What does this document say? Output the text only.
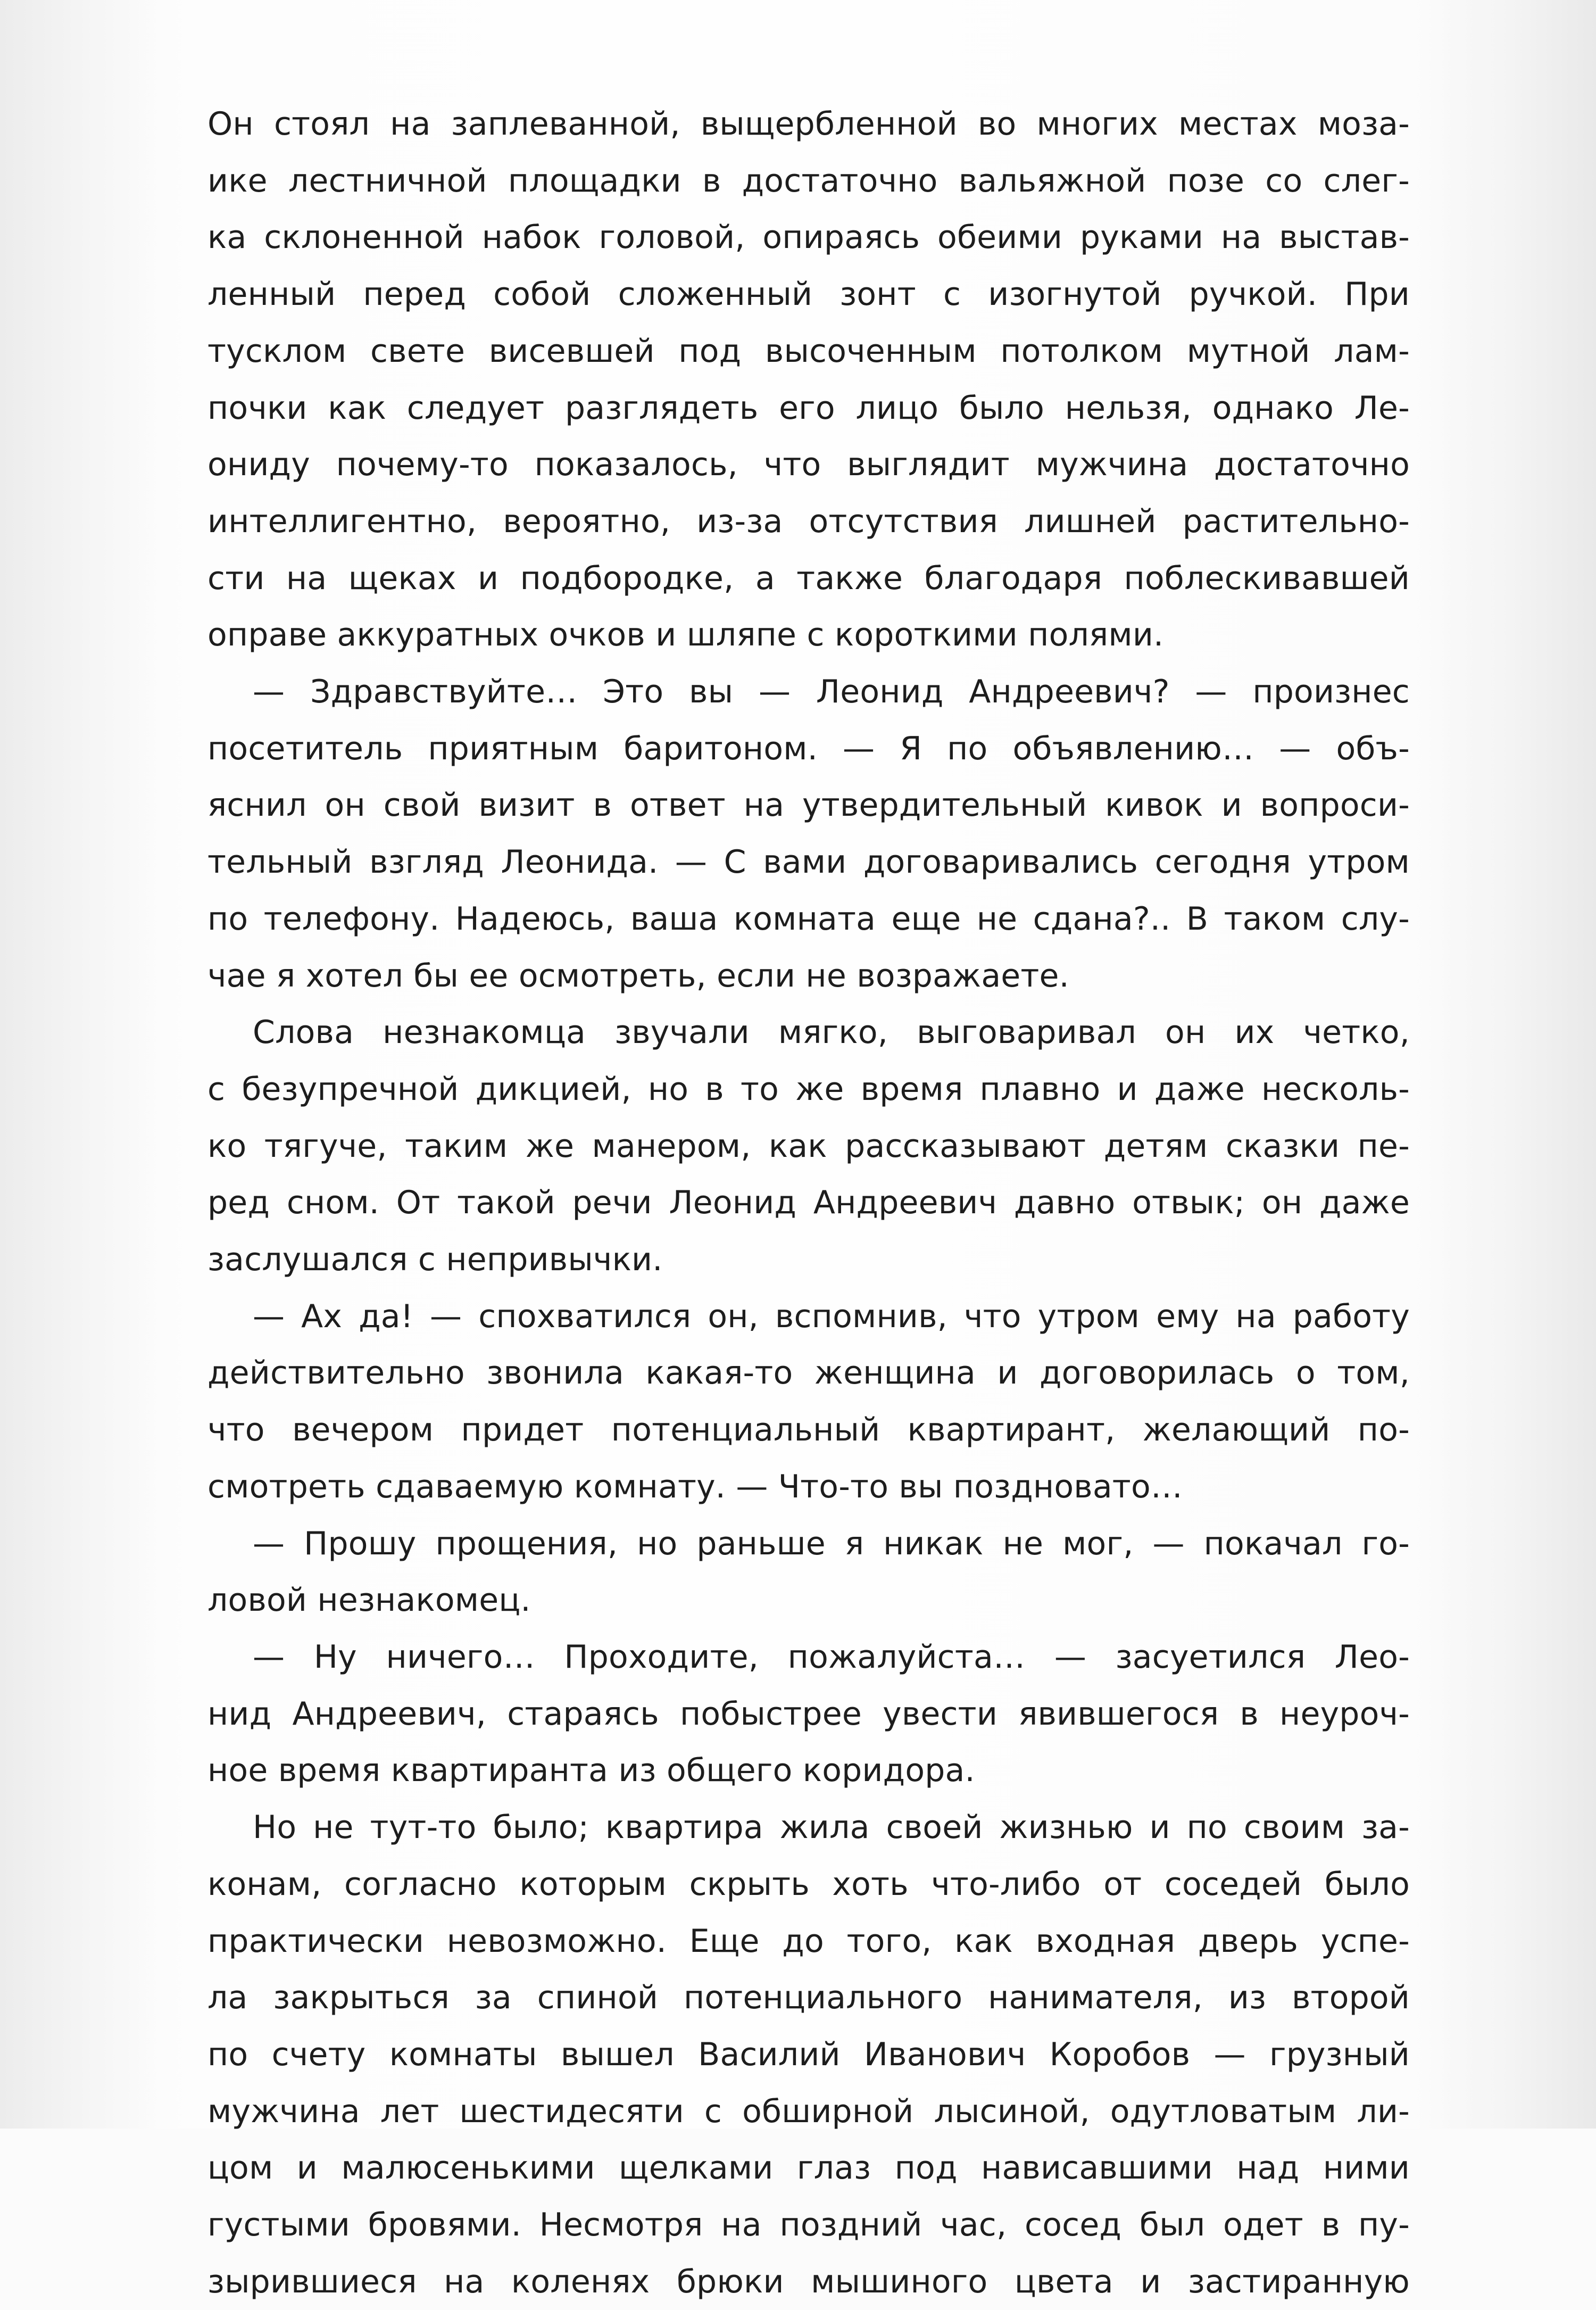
Он стоял на заплеванной, выщербленной во многих местах моза-
ике лестничной площадки в достаточно вальяжной позе со слег-
ка склоненной набок головой, опираясь обеими руками на выстав-
ленный перед собой сложенный зонт с изогнутой ручкой. При
тусклом свете висевшей под высоченным потолком мутной лам-
почки как следует разглядеть его лицо было нельзя, однако Ле-
ониду почему-то показалось, что выглядит мужчина достаточно
интеллигентно, вероятно, из-за отсутствия лишней растительно-
сти на щеках и подбородке, а также благодаря поблескивавшей
оправе аккуратных очков и шляпе с короткими полями.
— Здравствуйте… Это вы — Леонид Андреевич? — произнес
посетитель приятным баритоном. — Я по объявлению… — объ-
яснил он свой визит в ответ на утвердительный кивок и вопроси-
тельный взгляд Леонида. — С вами договаривались сегодня утром
по телефону. Надеюсь, ваша комната еще не сдана?.. В таком слу-
чае я хотел бы ее осмотреть, если не возражаете.
Слова незнакомца звучали мягко, выговаривал он их четко,
с безупречной дикцией, но в то же время плавно и даже несколь-
ко тягуче, таким же манером, как рассказывают детям сказки пе-
ред сном. От такой речи Леонид Андреевич давно отвык; он даже
заслушался с непривычки.
— Ах да! — спохватился он, вспомнив, что утром ему на работу
действительно звонила какая-то женщина и договорилась о том,
что вечером придет потенциальный квартирант, желающий по-
смотреть сдаваемую комнату. — Что-то вы поздновато…
— Прошу прощения, но раньше я никак не мог, — покачал го-
ловой незнакомец.
— Ну ничего… Проходите, пожалуйста… — засуетился Лео-
нид Андреевич, стараясь побыстрее увести явившегося в неуроч-
ное время квартиранта из общего коридора.
Но не тут-то было; квартира жила своей жизнью и по своим за-
конам, согласно которым скрыть хоть что-либо от соседей было
практически невозможно. Еще до того, как входная дверь успе-
ла закрыться за спиной потенциального нанимателя, из второй
по счету комнаты вышел Василий Иванович Коробов — грузный
мужчина лет шестидесяти с обширной лысиной, одутловатым ли-
цом и малюсенькими щелками глаз под нависавшими над ними
густыми бровями. Несмотря на поздний час, сосед был одет в пу-
зырившиеся на коленях брюки мышиного цвета и застиранную
